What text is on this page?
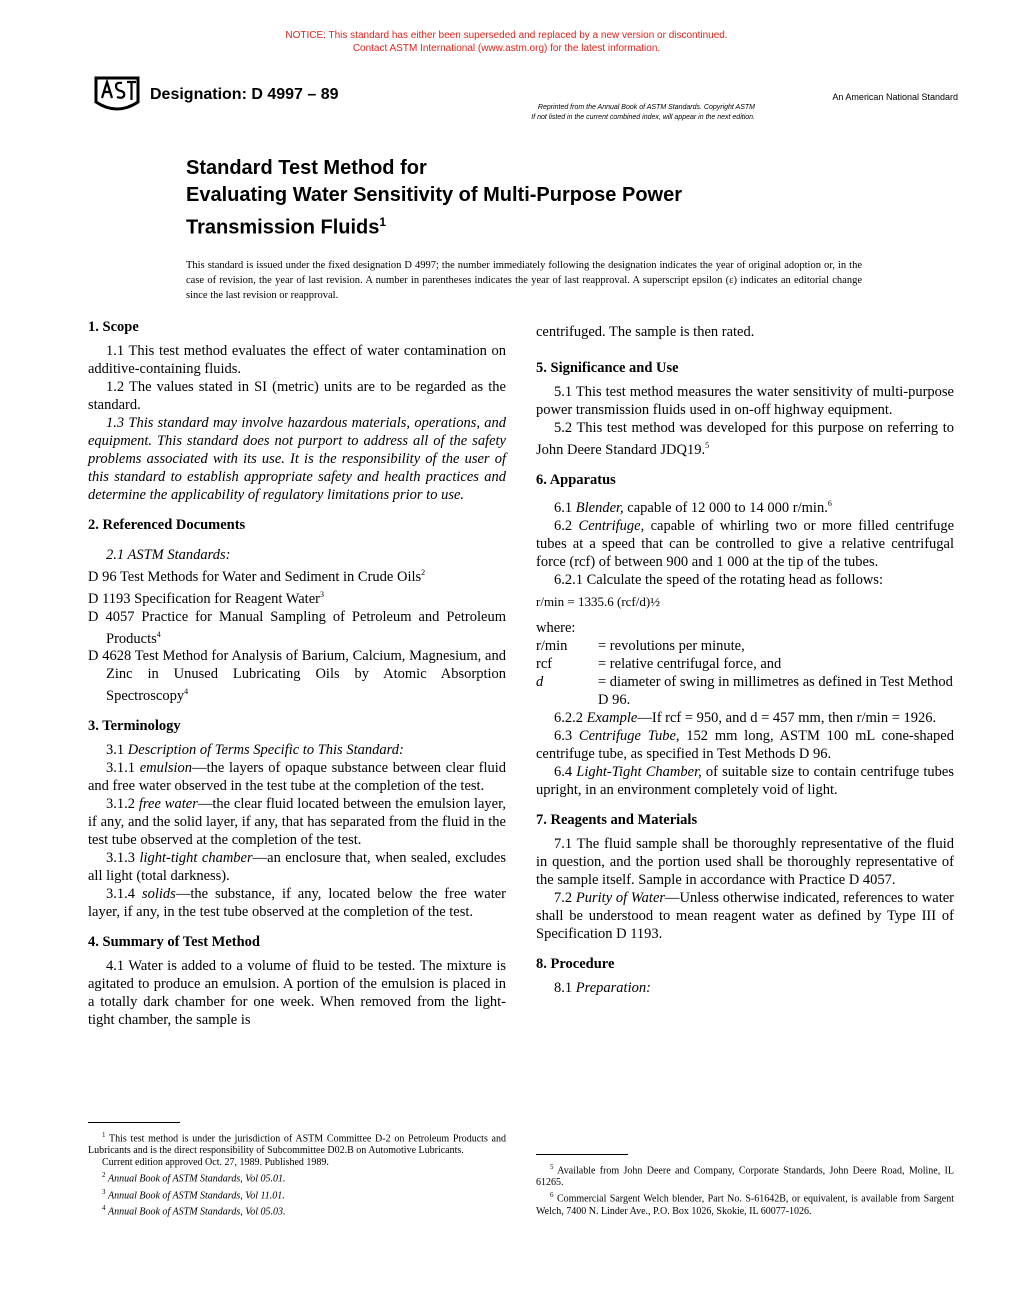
NOTICE: This standard has either been superseded and replaced by a new version or discontinued.
Contact ASTM International (www.astm.org) for the latest information.
Designation: D 4997 – 89
Reprinted from the Annual Book of ASTM Standards. Copyright ASTM
If not listed in the current combined index, will appear in the next edition.
An American National Standard
Standard Test Method for
Evaluating Water Sensitivity of Multi-Purpose Power
Transmission Fluids$^1$
This standard is issued under the fixed designation D 4997; the number immediately following the designation indicates the year of original adoption or, in the case of revision, the year of last revision. A number in parentheses indicates the year of last reapproval. A superscript epsilon (ε) indicates an editorial change since the last revision or reapproval.
1. Scope

1.1 This test method evaluates the effect of water contamination on additive-containing fluids.

1.2 The values stated in SI (metric) units are to be regarded as the standard.

1.3 This standard may involve hazardous materials, operations, and equipment. This standard does not purport to address all of the safety problems associated with its use. It is the responsibility of the user of this standard to establish appropriate safety and health practices and determine the applicability of regulatory limitations prior to use.

2. Referenced Documents

2.1 ASTM Standards:

D 96 Test Methods for Water and Sediment in Crude Oils$^2$

D 1193 Specification for Reagent Water$^3$

D 4057 Practice for Manual Sampling of Petroleum and Petroleum Products$^4$

D 4628 Test Method for Analysis of Barium, Calcium, Magnesium, and Zinc in Unused Lubricating Oils by Atomic Absorption Spectroscopy$^4$

3. Terminology

3.1 Description of Terms Specific to This Standard:

3.1.1 emulsion—the layers of opaque substance between clear fluid and free water observed in the test tube at the completion of the test.

3.1.2 free water—the clear fluid located between the emulsion layer, if any, and the solid layer, if any, that has separated from the fluid in the test tube observed at the completion of the test.

3.1.3 light-tight chamber—an enclosure that, when sealed, excludes all light (total darkness).

3.1.4 solids—the substance, if any, located below the free water layer, if any, in the test tube observed at the completion of the test.

4. Summary of Test Method

4.1 Water is added to a volume of fluid to be tested. The mixture is agitated to produce an emulsion. A portion of the emulsion is placed in a totally dark chamber for one week. When removed from the light-tight chamber, the sample is

$^1$ This test method is under the jurisdiction of ASTM Committee D-2 on Petroleum Products and Lubricants and is the direct responsibility of Subcommittee D02.B on Automotive Lubricants.

Current edition approved Oct. 27, 1989. Published 1989.

$^2$ Annual Book of ASTM Standards, Vol 05.01.

$^3$ Annual Book of ASTM Standards, Vol 11.01.

$^4$ Annual Book of ASTM Standards, Vol 05.03.

centrifuged. The sample is then rated.

5. Significance and Use

5.1 This test method measures the water sensitivity of multi-purpose power transmission fluids used in on-off highway equipment.

5.2 This test method was developed for this purpose on referring to John Deere Standard JDQ19.$^5$

6. Apparatus

6.1 Blender, capable of 12 000 to 14 000 r/min.$^6$

6.2 Centrifuge, capable of whirling two or more filled centrifuge tubes at a speed that can be controlled to give a relative centrifugal force (rcf) of between 900 and 1 000 at the tip of the tubes.

6.2.1 Calculate the speed of the rotating head as follows:

r/min = 1335.6 (rcf/d)½

where:

r/min	= revolutions per minute,
rcf	= relative centrifugal force, and
d	= diameter of swing in millimetres as defined in Test Method D 96.

6.2.2 Example—If rcf = 950, and d = 457 mm, then r/min = 1926.

6.3 Centrifuge Tube, 152 mm long, ASTM 100 mL cone-shaped centrifuge tube, as specified in Test Methods D 96.

6.4 Light-Tight Chamber, of suitable size to contain centrifuge tubes upright, in an environment completely void of light.

7. Reagents and Materials

7.1 The fluid sample shall be thoroughly representative of the fluid in question, and the portion used shall be thoroughly representative of the sample itself. Sample in accordance with Practice D 4057.

7.2 Purity of Water—Unless otherwise indicated, references to water shall be understood to mean reagent water as defined by Type III of Specification D 1193.

8. Procedure

8.1 Preparation:

$^5$ Available from John Deere and Company, Corporate Standards, John Deere Road, Moline, IL 61265.

$^6$ Commercial Sargent Welch blender, Part No. S-61642B, or equivalent, is available from Sargent Welch, 7400 N. Linder Ave., P.O. Box 1026, Skokie, IL 60077-1026.
